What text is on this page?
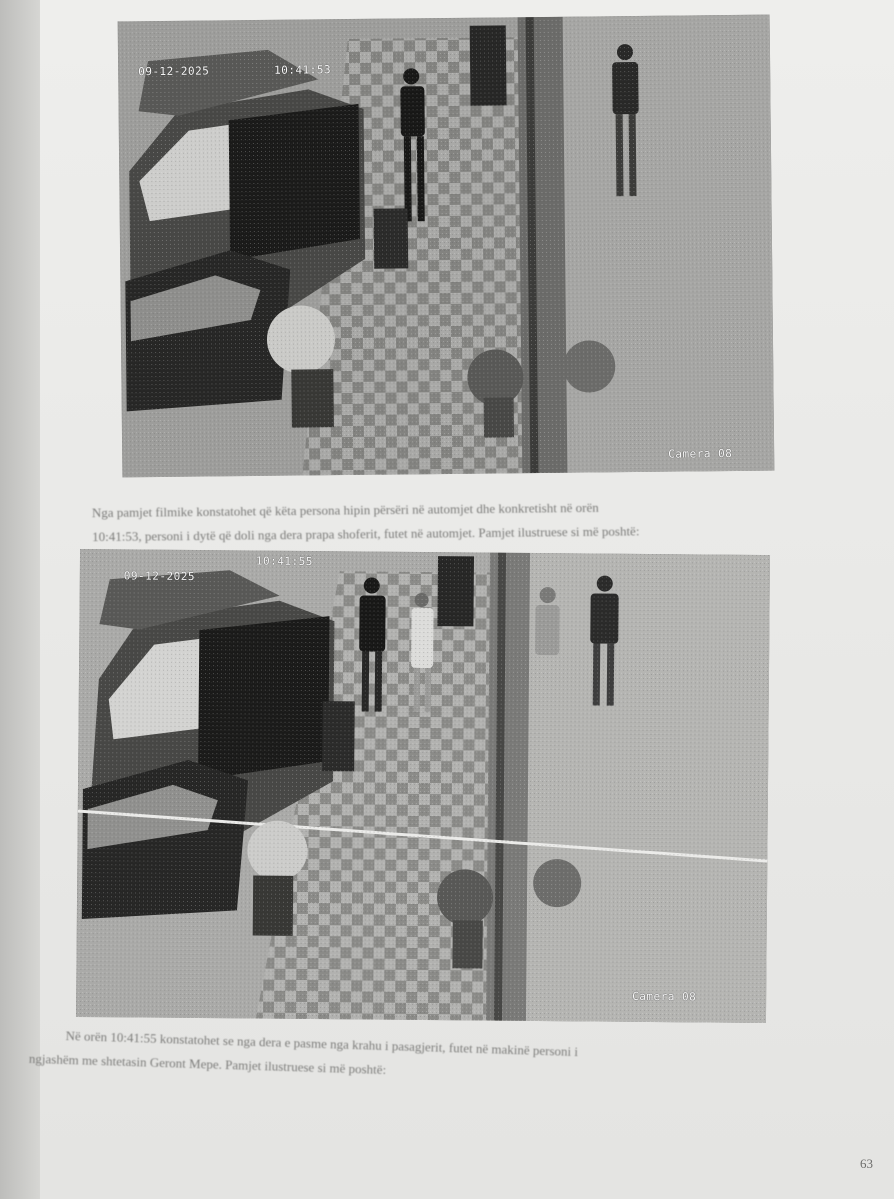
09-12-2025	10:41:53
Camera 08
Nga pamjet filmike konstatohet që këta persona hipin përsëri në automjet dhe konkretisht në orën
10:41:53, personi i dytë që doli nga dera prapa shoferit, futet në automjet. Pamjet ilustruese si më poshtë:
09-12-2025
10:41:55
Camera 08
Në orën 10:41:55 konstatohet se nga dera e pasme nga krahu i pasagjerit, futet në makinë personi i
ngjashëm me shtetasin Geront Mepe. Pamjet ilustruese si më poshtë:
63
